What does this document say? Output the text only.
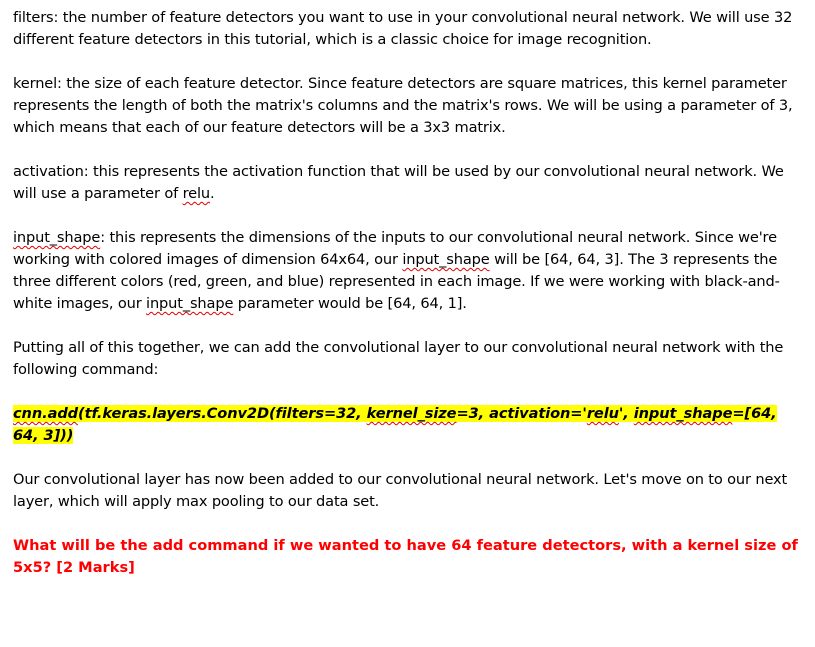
filters: the number of feature detectors you want to use in your convolutional neural network. We will use 32 different feature detectors in this tutorial, which is a classic choice for image recognition.

kernel: the size of each feature detector. Since feature detectors are square matrices, this kernel parameter represents the length of both the matrix's columns and the matrix's rows. We will be using a parameter of 3, which means that each of our feature detectors will be a 3x3 matrix.

activation: this represents the activation function that will be used by our convolutional neural network. We will use a parameter of relu.

input_shape: this represents the dimensions of the inputs to our convolutional neural network. Since we're working with colored images of dimension 64x64, our input_shape will be [64, 64, 3]. The 3 represents the three different colors (red, green, and blue) represented in each image. If we were working with black-and-white images, our input_shape parameter would be [64, 64, 1].

Putting all of this together, we can add the convolutional layer to our convolutional neural network with the following command:

cnn.add(tf.keras.layers.Conv2D(filters=32, kernel_size=3, activation='relu', input_shape=[64, 64, 3]))

Our convolutional layer has now been added to our convolutional neural network. Let's move on to our next layer, which will apply max pooling to our data set.

What will be the add command if we wanted to have 64 feature detectors, with a kernel size of 5x5? [2 Marks]
